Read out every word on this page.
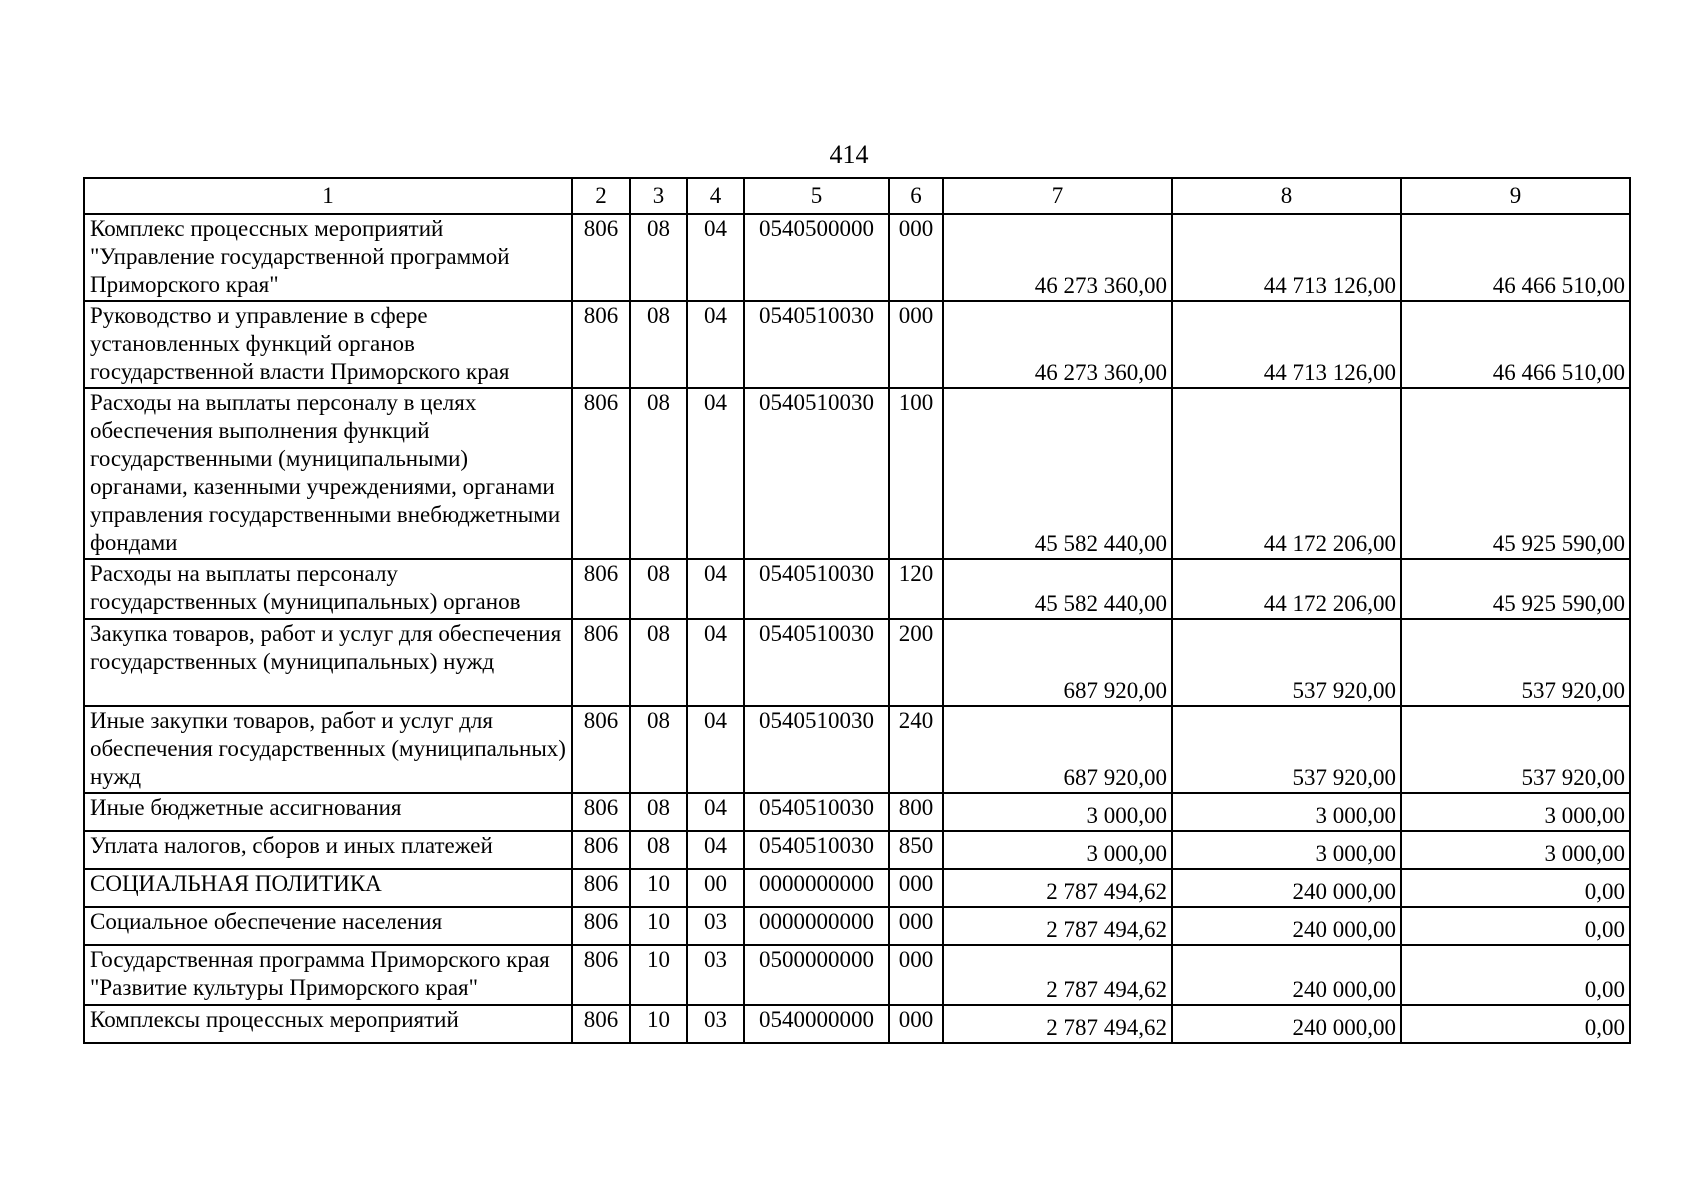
414
1	2	3	4	5	6	7	8	9
Комплекс процессных мероприятий "Управление государственной программой Приморского края"	806	08	04	0540500000	000	46 273 360,00	44 713 126,00	46 466 510,00
Руководство и управление в сфере установленных функций органов государственной власти Приморского края	806	08	04	0540510030	000	46 273 360,00	44 713 126,00	46 466 510,00
Расходы на выплаты персоналу в целях обеспечения выполнения функций государственными (муниципальными) органами, казенными учреждениями, органами управления государственными внебюджетными фондами	806	08	04	0540510030	100	45 582 440,00	44 172 206,00	45 925 590,00
Расходы на выплаты персоналу государственных (муниципальных) органов	806	08	04	0540510030	120	45 582 440,00	44 172 206,00	45 925 590,00
Закупка товаров, работ и услуг для обеспечения государственных (муниципальных) нужд	806	08	04	0540510030	200	687 920,00	537 920,00	537 920,00
Иные закупки товаров, работ и услуг для обеспечения государственных (муниципальных) нужд	806	08	04	0540510030	240	687 920,00	537 920,00	537 920,00
Иные бюджетные ассигнования	806	08	04	0540510030	800	3 000,00	3 000,00	3 000,00
Уплата налогов, сборов и иных платежей	806	08	04	0540510030	850	3 000,00	3 000,00	3 000,00
СОЦИАЛЬНАЯ ПОЛИТИКА	806	10	00	0000000000	000	2 787 494,62	240 000,00	0,00
Социальное обеспечение населения	806	10	03	0000000000	000	2 787 494,62	240 000,00	0,00
Государственная программа Приморского края "Развитие культуры Приморского края"	806	10	03	0500000000	000	2 787 494,62	240 000,00	0,00
Комплексы процессных мероприятий	806	10	03	0540000000	000	2 787 494,62	240 000,00	0,00
